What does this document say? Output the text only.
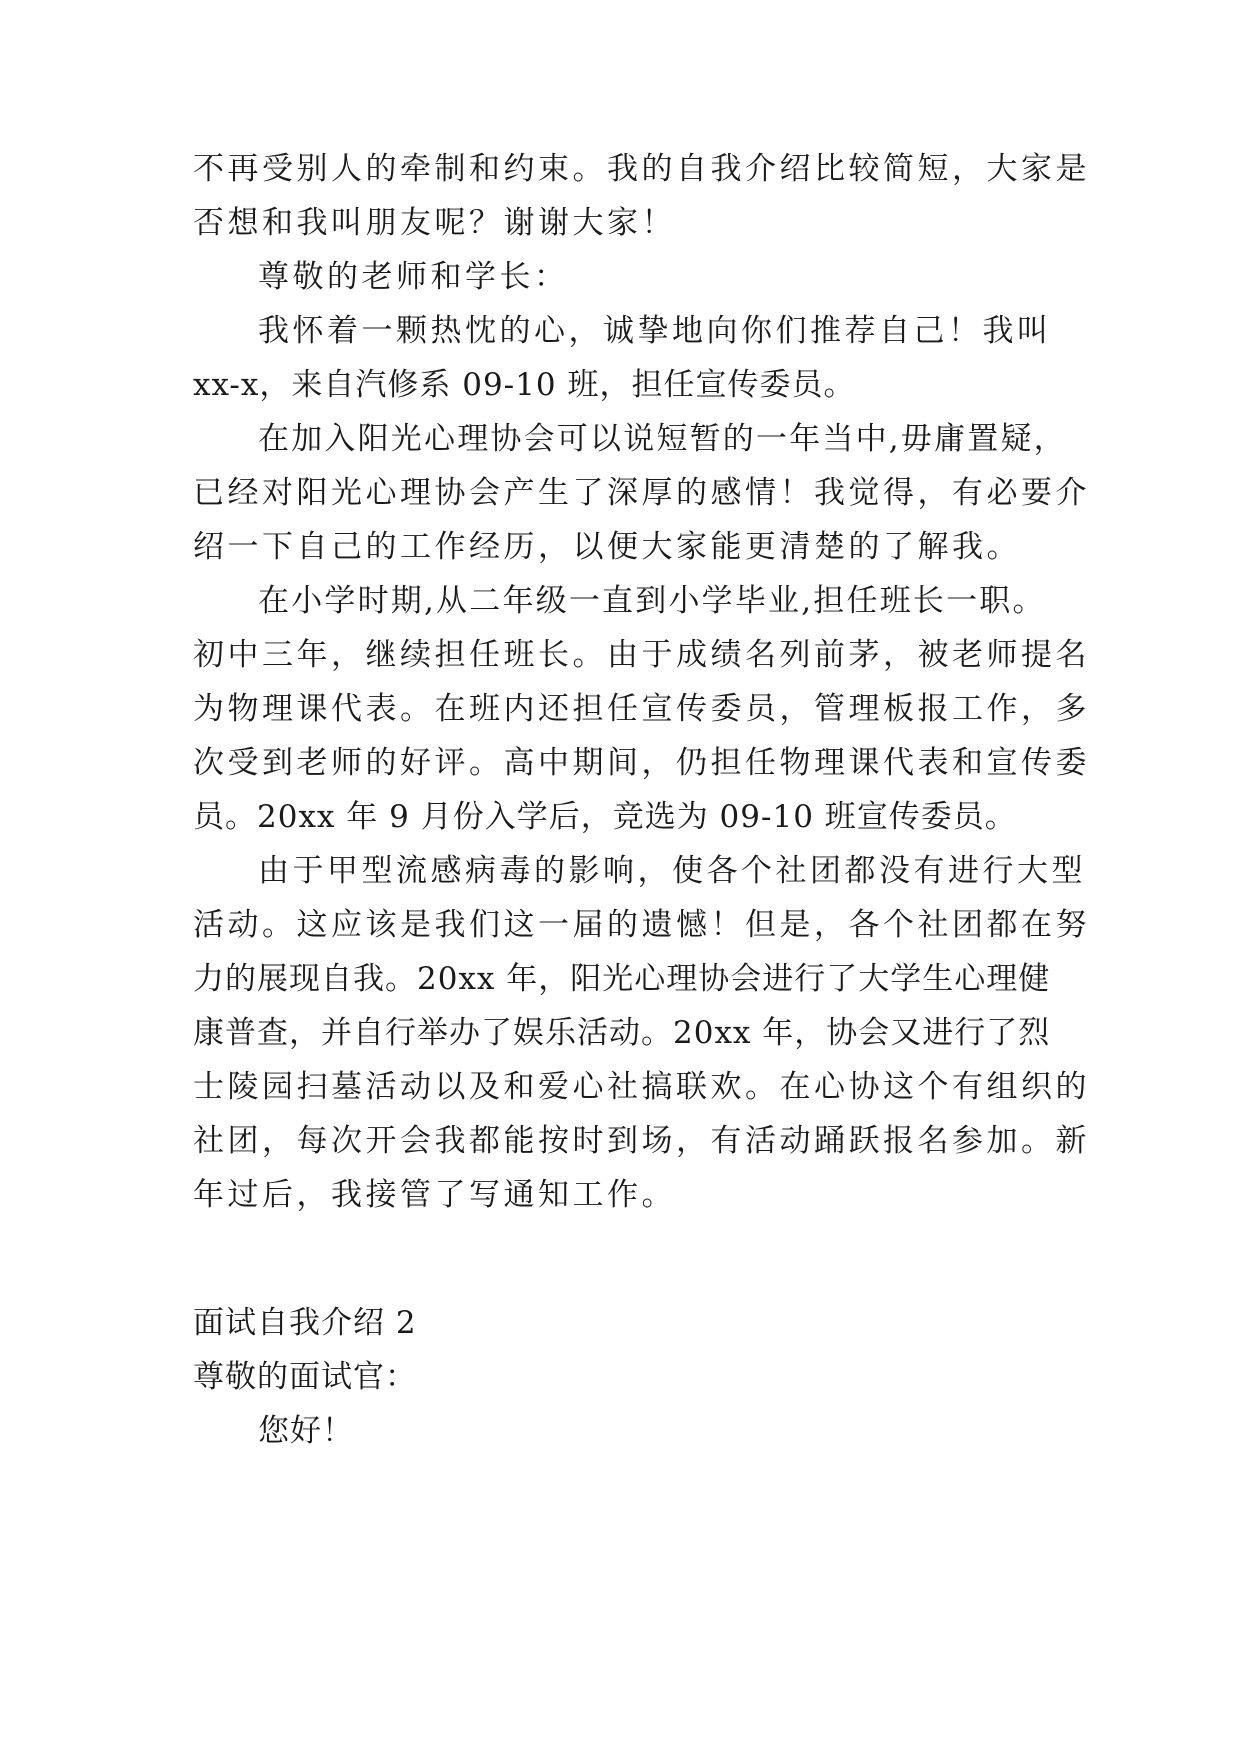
不再受别人的牵制和约束。我的自我介绍比较简短，大家是
否想和我叫朋友呢？谢谢大家！
尊敬的老师和学长：
我怀着一颗热忱的心，诚挚地向你们推荐自己！我叫
xx-x，来自汽修系 09-10 班，担任宣传委员。
在加入阳光心理协会可以说短暂的一年当中,毋庸置疑，
已经对阳光心理协会产生了深厚的感情！我觉得，有必要介
绍一下自己的工作经历，以便大家能更清楚的了解我。
在小学时期,从二年级一直到小学毕业,担任班长一职。
初中三年，继续担任班长。由于成绩名列前茅，被老师提名
为物理课代表。在班内还担任宣传委员，管理板报工作，多
次受到老师的好评。高中期间，仍担任物理课代表和宣传委
员。20xx 年 9 月份入学后，竞选为 09-10 班宣传委员。
由于甲型流感病毒的影响，使各个社团都没有进行大型
活动。这应该是我们这一届的遗憾！但是，各个社团都在努
力的展现自我。20xx 年，阳光心理协会进行了大学生心理健
康普查，并自行举办了娱乐活动。20xx 年，协会又进行了烈
士陵园扫墓活动以及和爱心社搞联欢。在心协这个有组织的
社团，每次开会我都能按时到场，有活动踊跃报名参加。新
年过后，我接管了写通知工作。
面试自我介绍 2
尊敬的面试官：
您好！
